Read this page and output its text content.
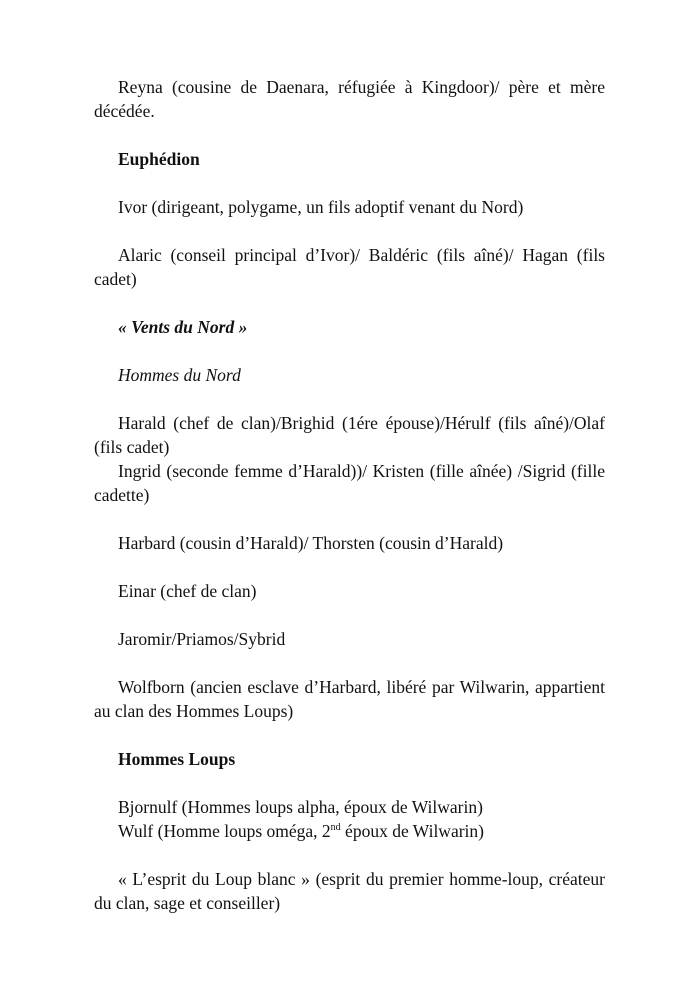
Reyna (cousine de Daenara, réfugiée à Kingdoor)/ père et mère décédée.

Euphédion

Ivor (dirigeant, polygame, un fils adoptif venant du Nord)

Alaric (conseil principal d’Ivor)/ Baldéric (fils aîné)/ Hagan (fils cadet)

« Vents du Nord »

Hommes du Nord

Harald (chef de clan)/Brighid (1ére épouse)/Hérulf (fils aîné)/Olaf (fils cadet)

Ingrid (seconde femme d’Harald))/ Kristen (fille aînée) /Sigrid (fille cadette)

Harbard (cousin d’Harald)/ Thorsten (cousin d’Harald)

Einar (chef de clan)

Jaromir/Priamos/Sybrid

Wolfborn (ancien esclave d’Harbard, libéré par Wilwarin, appartient au clan des Hommes Loups)

Hommes Loups

Bjornulf (Hommes loups alpha, époux de Wilwarin)

Wulf (Homme loups oméga, 2nd époux de Wilwarin)

« L’esprit du Loup blanc » (esprit du premier homme-loup, créateur du clan, sage et conseiller)
